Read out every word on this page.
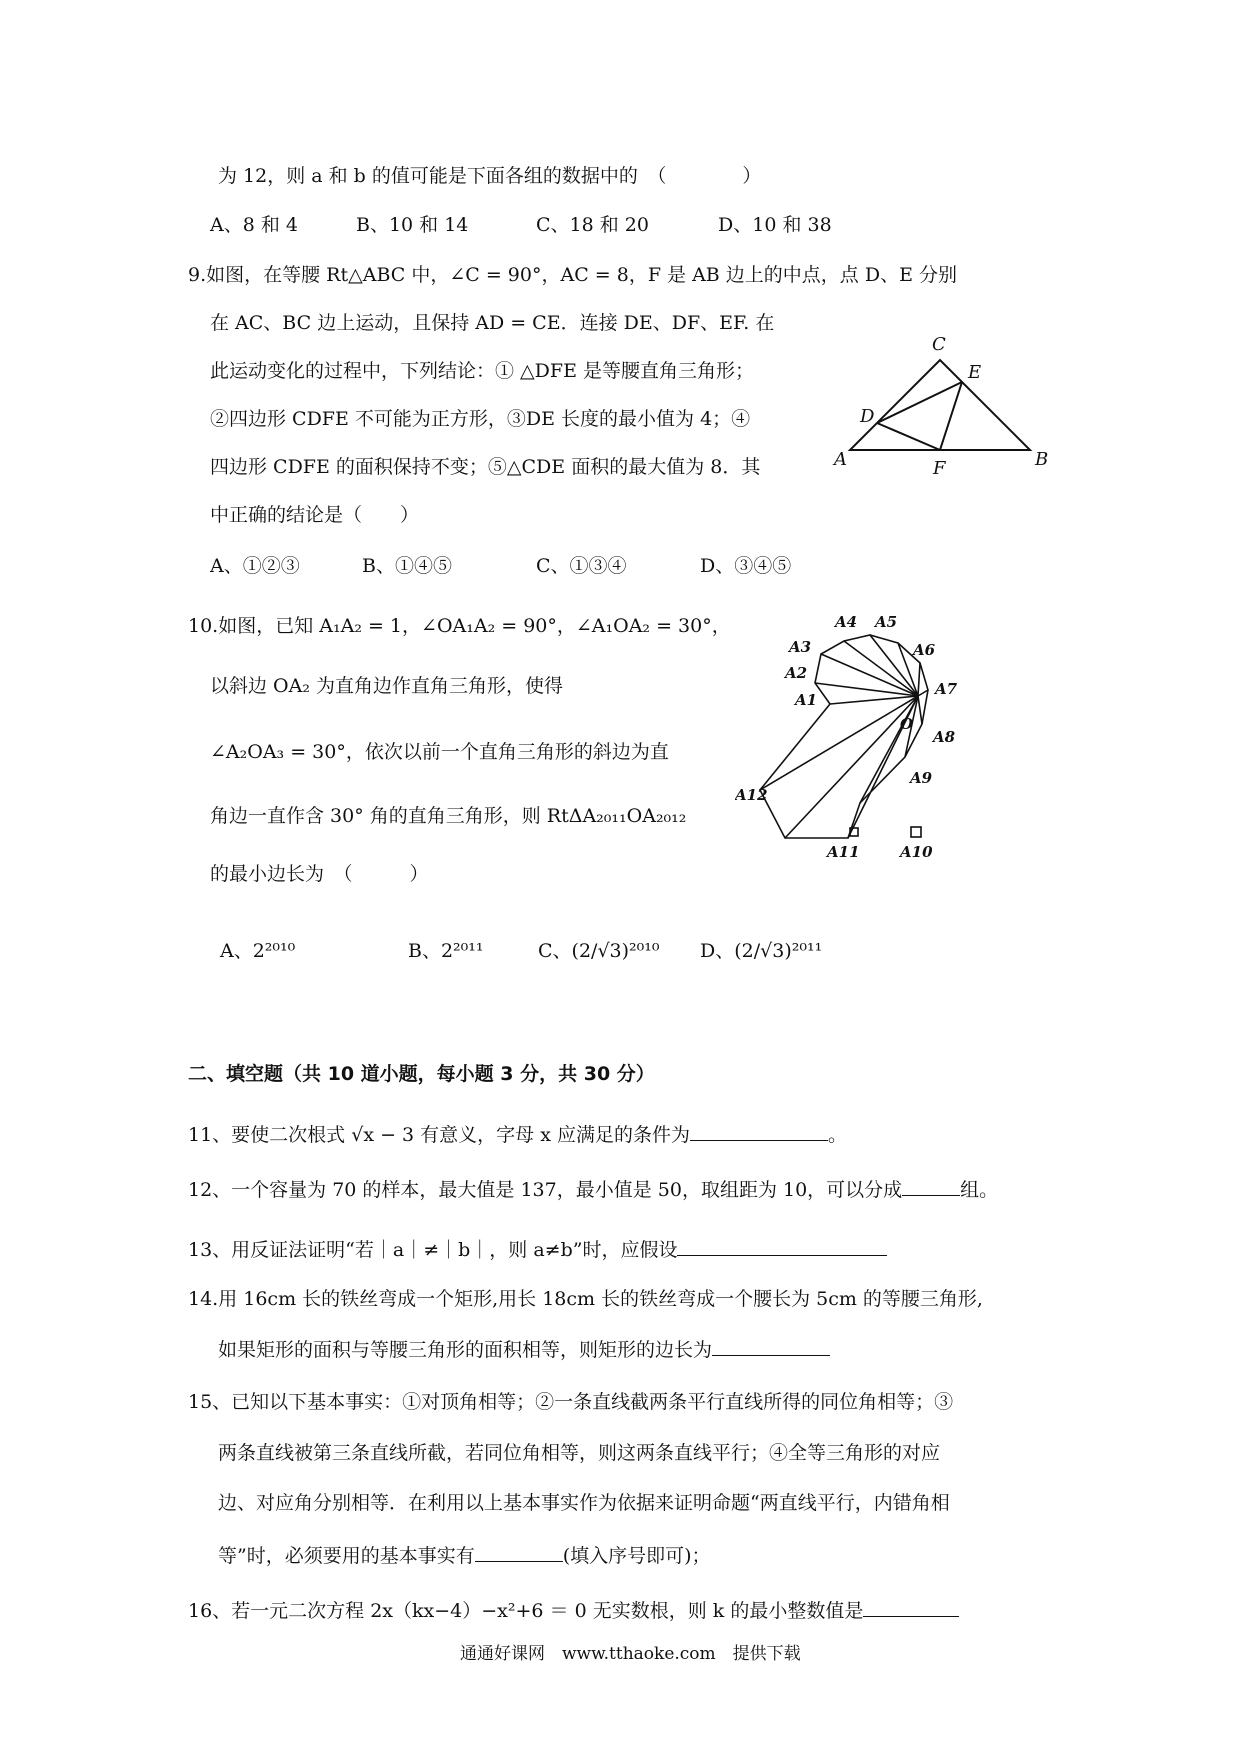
为 12，则 a 和 b 的值可能是下面各组的数据中的　（　　　　）
A、8 和 4	B、10 和 14	C、18 和 20	D、10 和 38
9.如图，在等腰 Rt△ABC 中，∠C = 90°，AC = 8，F 是 AB 边上的中点，点 D、E 分别
在 AC、BC 边上运动，且保持 AD = CE．连接 DE、DF、EF. 在
此运动变化的过程中，下列结论：① △DFE 是等腰直角三角形；
②四边形 CDFE 不可能为正方形，③DE 长度的最小值为 4；④
四边形 CDFE 的面积保持不变；⑤△CDE 面积的最大值为 8．其
中正确的结论是（　　）
A	B
C
D
E
F
A、①②③	B、①④⑤	C、①③④	D、③④⑤
10.如图，已知 A₁A₂ = 1，∠OA₁A₂ = 90°，∠A₁OA₂ = 30°，
以斜边 OA₂ 为直角边作直角三角形，使得
∠A₂OA₃ = 30°，依次以前一个直角三角形的斜边为直
角边一直作含 30° 角的直角三角形，则 RtΔA₂₀₁₁OA₂₀₁₂
的最小边长为　（　　　）
A1
A2
A3
A4 A5
A6
A7
A8
A9
A10
A11
A12
O
A、2²⁰¹⁰	B、2²⁰¹¹	C、(2/√3)²⁰¹⁰ D、(2/√3)²⁰¹¹
二、填空题（共 10 道小题，每小题 3 分，共 30 分）
11、要使二次根式 √x − 3 有意义，字母 x 应满足的条件为	。
12、一个容量为 70 的样本，最大值是 137，最小值是 50，取组距为 10，可以分成	组。
13、用反证法证明“若｜a｜≠｜b｜，则 a≠b”时，应假设
14.用 16cm 长的铁丝弯成一个矩形,用长 18cm 长的铁丝弯成一个腰长为 5cm 的等腰三角形,
如果矩形的面积与等腰三角形的面积相等，则矩形的边长为
15、已知以下基本事实：①对顶角相等；②一条直线截两条平行直线所得的同位角相等；③
两条直线被第三条直线所截，若同位角相等，则这两条直线平行；④全等三角形的对应
边、对应角分别相等．在利用以上基本事实作为依据来证明命题“两直线平行，内错角相
等”时，必须要用的基本事实有	(填入序号即可)；
16、若一元二次方程 2x（kx−4）−x²+6 ＝ 0 无实数根，则 k 的最小整数值是
通通好课网　www.tthaoke.com　提供下载
